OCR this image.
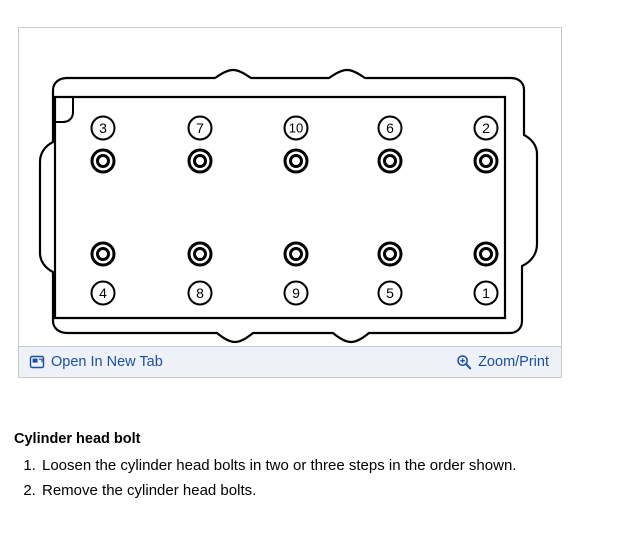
3	7	10	6	2
4	8	9	5	1
Open In New Tab	Zoom/Print

Cylinder head bolt

1. Loosen the cylinder head bolts in two or three steps in the order shown.
2. Remove the cylinder head bolts.
